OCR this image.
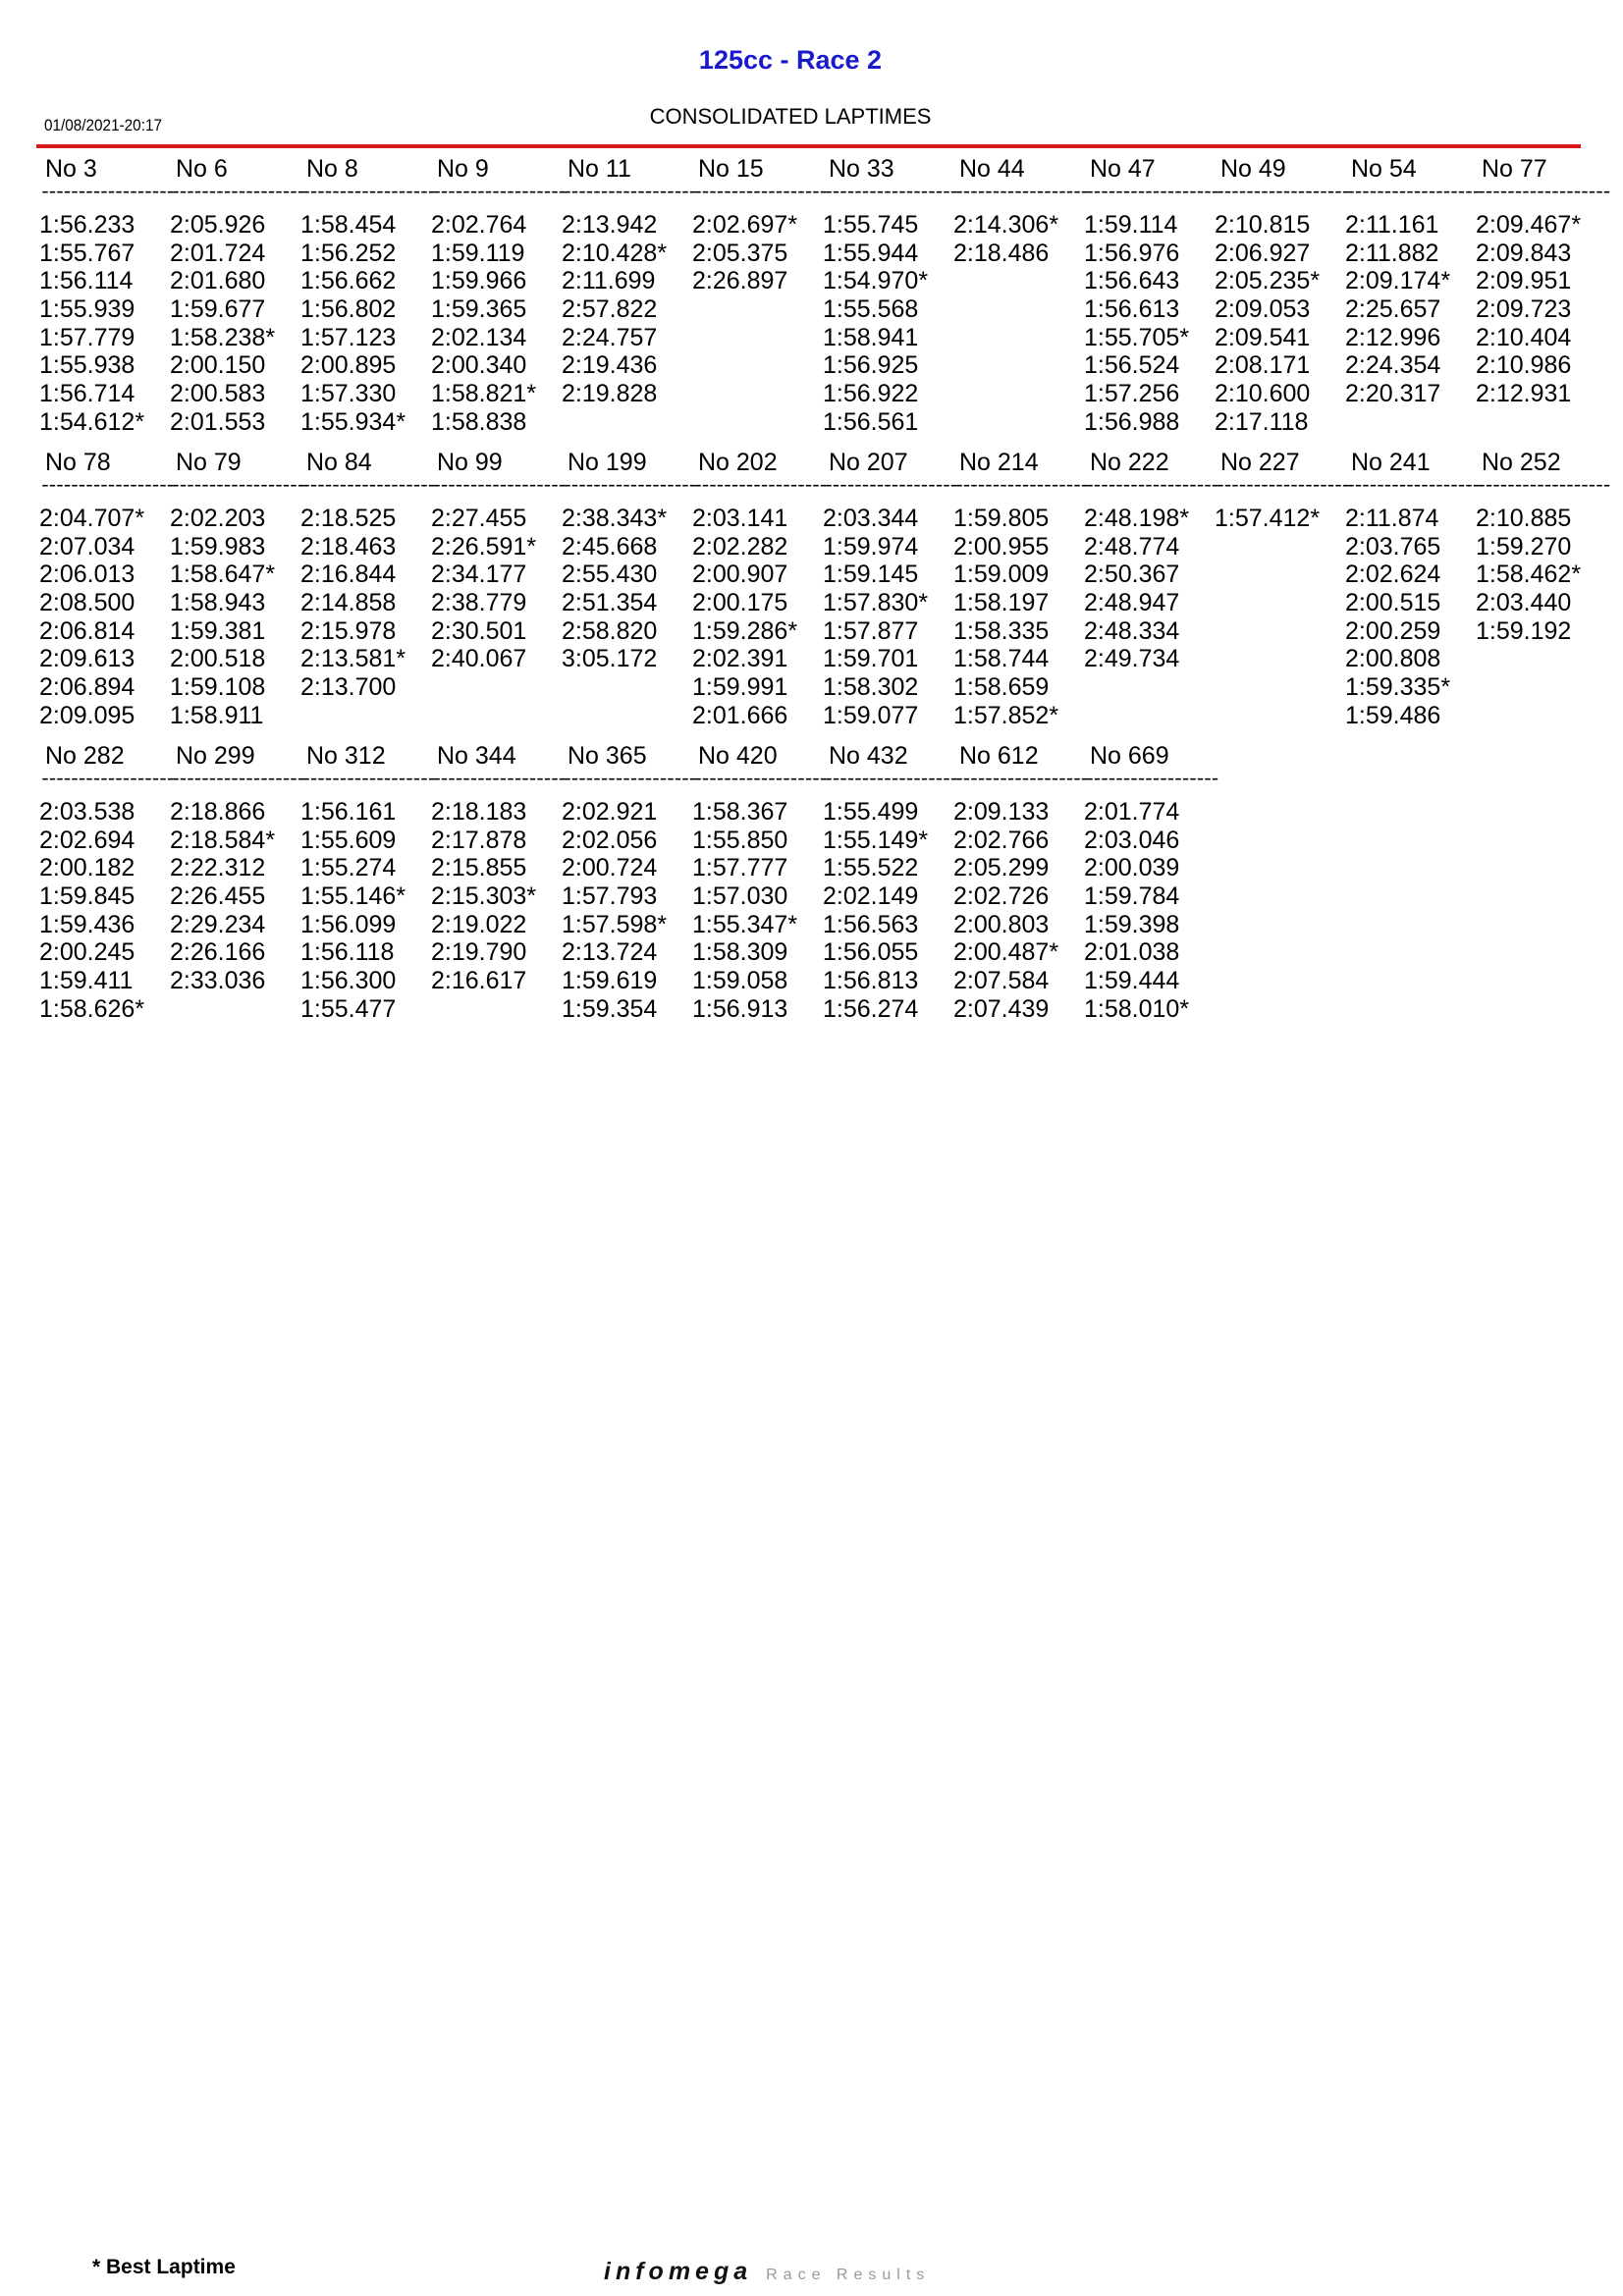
125cc - Race 2
01/08/2021-20:17	CONSOLIDATED LAPTIMES
No 3
------------------
1:56.233
1:55.767
1:56.114
1:55.939
1:57.779
1:55.938
1:56.714
1:54.612*
No 6
------------------
2:05.926
2:01.724
2:01.680
1:59.677
1:58.238*
2:00.150
2:00.583
2:01.553
No 8
------------------
1:58.454
1:56.252
1:56.662
1:56.802
1:57.123
2:00.895
1:57.330
1:55.934*
No 9
------------------
2:02.764
1:59.119
1:59.966
1:59.365
2:02.134
2:00.340
1:58.821*
1:58.838
No 11
------------------
2:13.942
2:10.428*
2:11.699
2:57.822
2:24.757
2:19.436
2:19.828
No 15
------------------
2:02.697*
2:05.375
2:26.897
No 33
------------------
1:55.745
1:55.944
1:54.970*
1:55.568
1:58.941
1:56.925
1:56.922
1:56.561
No 44
------------------
2:14.306*
2:18.486
No 47
------------------
1:59.114
1:56.976
1:56.643
1:56.613
1:55.705*
1:56.524
1:57.256
1:56.988
No 49
------------------
2:10.815
2:06.927
2:05.235*
2:09.053
2:09.541
2:08.171
2:10.600
2:17.118
No 54
------------------
2:11.161
2:11.882
2:09.174*
2:25.657
2:12.996
2:24.354
2:20.317
No 77
------------------
2:09.467*
2:09.843
2:09.951
2:09.723
2:10.404
2:10.986
2:12.931
No 78
------------------
2:04.707*
2:07.034
2:06.013
2:08.500
2:06.814
2:09.613
2:06.894
2:09.095
No 79
------------------
2:02.203
1:59.983
1:58.647*
1:58.943
1:59.381
2:00.518
1:59.108
1:58.911
No 84
------------------
2:18.525
2:18.463
2:16.844
2:14.858
2:15.978
2:13.581*
2:13.700
No 99
------------------
2:27.455
2:26.591*
2:34.177
2:38.779
2:30.501
2:40.067
No 199
------------------
2:38.343*
2:45.668
2:55.430
2:51.354
2:58.820
3:05.172
No 202
------------------
2:03.141
2:02.282
2:00.907
2:00.175
1:59.286*
2:02.391
1:59.991
2:01.666
No 207
------------------
2:03.344
1:59.974
1:59.145
1:57.830*
1:57.877
1:59.701
1:58.302
1:59.077
No 214
------------------
1:59.805
2:00.955
1:59.009
1:58.197
1:58.335
1:58.744
1:58.659
1:57.852*
No 222
------------------
2:48.198*
2:48.774
2:50.367
2:48.947
2:48.334
2:49.734
No 227
------------------
1:57.412*
No 241
------------------
2:11.874
2:03.765
2:02.624
2:00.515
2:00.259
2:00.808
1:59.335*
1:59.486
No 252
------------------
2:10.885
1:59.270
1:58.462*
2:03.440
1:59.192
No 282
------------------
2:03.538
2:02.694
2:00.182
1:59.845
1:59.436
2:00.245
1:59.411
1:58.626*
No 299
------------------
2:18.866
2:18.584*
2:22.312
2:26.455
2:29.234
2:26.166
2:33.036
No 312
------------------
1:56.161
1:55.609
1:55.274
1:55.146*
1:56.099
1:56.118
1:56.300
1:55.477
No 344
------------------
2:18.183
2:17.878
2:15.855
2:15.303*
2:19.022
2:19.790
2:16.617
No 365
------------------
2:02.921
2:02.056
2:00.724
1:57.793
1:57.598*
2:13.724
1:59.619
1:59.354
No 420
------------------
1:58.367
1:55.850
1:57.777
1:57.030
1:55.347*
1:58.309
1:59.058
1:56.913
No 432
------------------
1:55.499
1:55.149*
1:55.522
2:02.149
1:56.563
1:56.055
1:56.813
1:56.274
No 612
------------------
2:09.133
2:02.766
2:05.299
2:02.726
2:00.803
2:00.487*
2:07.584
2:07.439
No 669
------------------
2:01.774
2:03.046
2:00.039
1:59.784
1:59.398
2:01.038
1:59.444
1:58.010*
* Best Laptime	infomega Race Results
